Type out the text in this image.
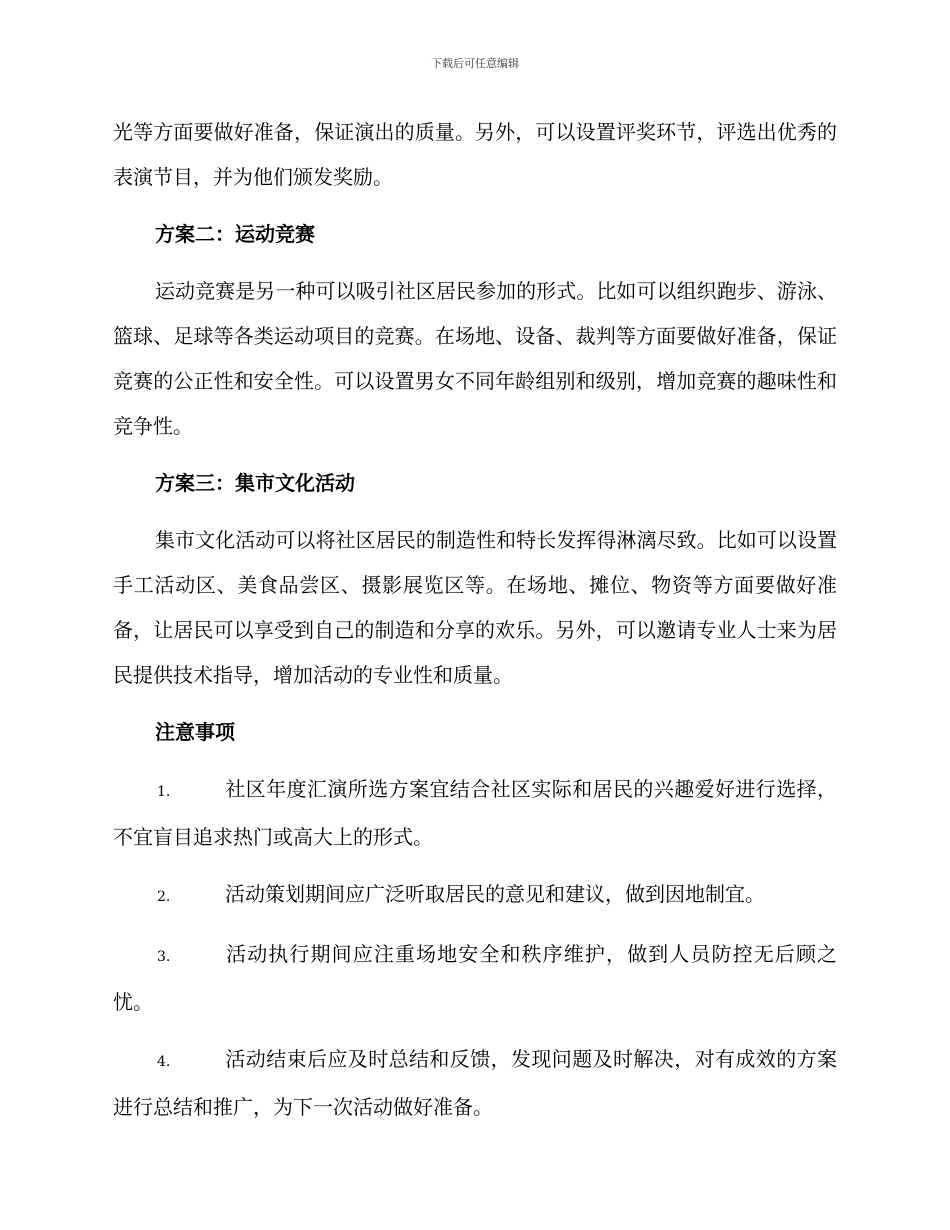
下载后可任意编辑

光等方面要做好准备，保证演出的质量。另外，可以设置评奖环节，评选出优秀的表演节目，并为他们颁发奖励。

方案二：运动竞赛

运动竞赛是另一种可以吸引社区居民参加的形式。比如可以组织跑步、游泳、篮球、足球等各类运动项目的竞赛。在场地、设备、裁判等方面要做好准备，保证竞赛的公正性和安全性。可以设置男女不同年龄组别和级别，增加竞赛的趣味性和竞争性。

方案三：集市文化活动

集市文化活动可以将社区居民的制造性和特长发挥得淋漓尽致。比如可以设置手工活动区、美食品尝区、摄影展览区等。在场地、摊位、物资等方面要做好准备，让居民可以享受到自己的制造和分享的欢乐。另外，可以邀请专业人士来为居民提供技术指导，增加活动的专业性和质量。

注意事项

1.	社区年度汇演所选方案宜结合社区实际和居民的兴趣爱好进行选择，不宜盲目追求热门或高大上的形式。

2.	活动策划期间应广泛听取居民的意见和建议，做到因地制宜。

3.	活动执行期间应注重场地安全和秩序维护，做到人员防控无后顾之忧。

4.	活动结束后应及时总结和反馈，发现问题及时解决，对有成效的方案进行总结和推广，为下一次活动做好准备。
